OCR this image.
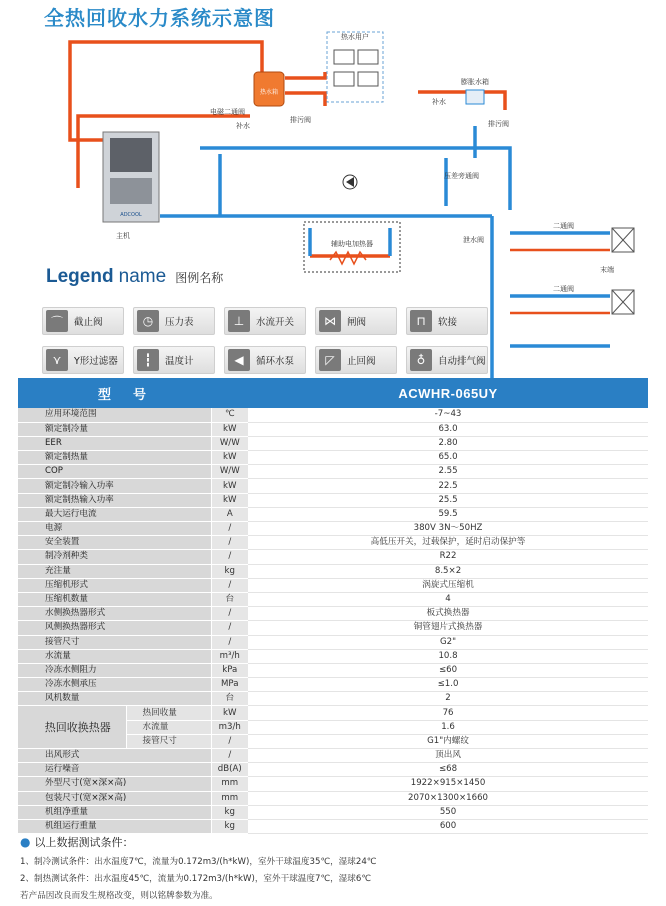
全热回收水力系统示意图
ADCOOL
热水箱
热水用户
膨胀水箱
辅助电加热器
主机
电磁二通阀
补水
排污阀
补水
排污阀
压差旁通阀
泄水阀
二通阀
二通阀
末端
Legend name 图例名称
⌒	截止阀	◷	压力表	⊥	水流开关	⋈	闸阀	⊓	软接
⋎	Y形过滤器	┇	温度计	◀	循环水泵	◸	止回阀	♁	自动排气阀
型号			ACWHR-065UY
应用环境范围		℃	-7~43
额定制冷量		kW	63.0
EER		W/W	2.80
额定制热量		kW	65.0
COP		W/W	2.55
额定制冷输入功率		kW	22.5
额定制热输入功率		kW	25.5
最大运行电流		A	59.5
电源		/	380V 3N～50HZ
安全装置		/	高低压开关，过载保护，延时启动保护等
制冷剂种类		/	R22
充注量		kg	8.5×2
压缩机形式		/	涡旋式压缩机
压缩机数量		台	4
水侧换热器形式		/	板式换热器
风侧换热器形式		/	铜管翅片式换热器
接管尺寸		/	G2"
水流量		m³/h	10.8
冷冻水侧阻力		kPa	≤60
冷冻水侧承压		MPa	≤1.0
风机数量		台	2
热回收换热器	热回收量	kW	76
	水流量	m3/h	1.6
	接管尺寸	/	G1"内螺纹
出风形式		/	顶出风
运行噪音		dB(A)	≤68
外型尺寸(宽×深×高)		mm	1922×915×1450
包装尺寸(宽×深×高)		mm	2070×1300×1660
机组净重量		kg	550
机组运行重量		kg	600
● 以上数据测试条件：
1、制冷测试条件：出水温度7℃，流量为0.172m3/(h*kW)，室外干球温度35℃，湿球24℃
2、制热测试条件：出水温度45℃，流量为0.172m3/(h*kW)，室外干球温度7℃，湿球6℃
若产品因改良而发生规格改变，则以铭牌参数为准。
